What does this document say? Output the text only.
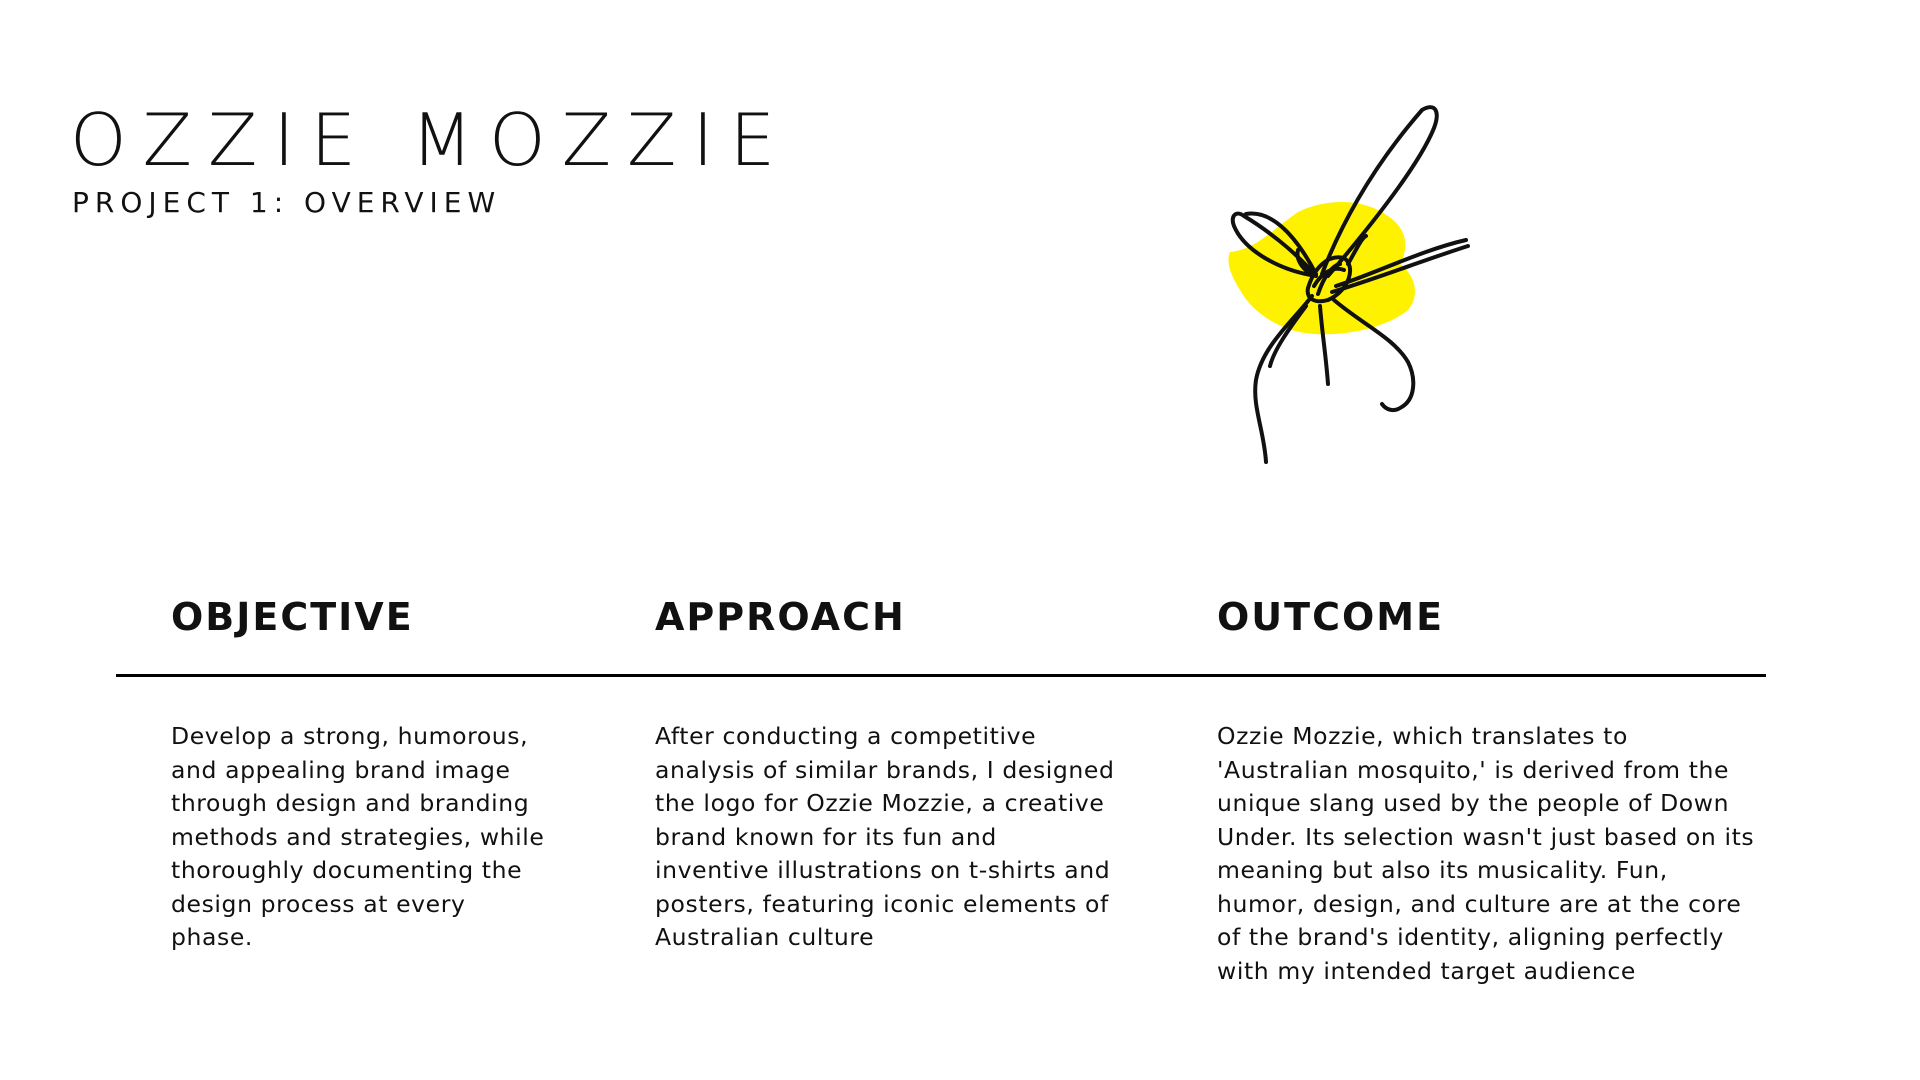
OZZIE MOZZIE
PROJECT 1: OVERVIEW
OBJECTIVE

Develop a strong, humorous, and appealing brand image through design and branding methods and strategies, while thoroughly documenting the design process at every phase.

APPROACH

After conducting a competitive analysis of similar brands, I designed the logo for Ozzie Mozzie, a creative brand known for its fun and inventive illustrations on t-shirts and posters, featuring iconic elements of Australian culture

OUTCOME

Ozzie Mozzie, which translates to 'Australian mosquito,' is derived from the unique slang used by the people of Down Under. Its selection wasn't just based on its meaning but also its musicality. Fun, humor, design, and culture are at the core of the brand's identity, aligning perfectly with my intended target audience
